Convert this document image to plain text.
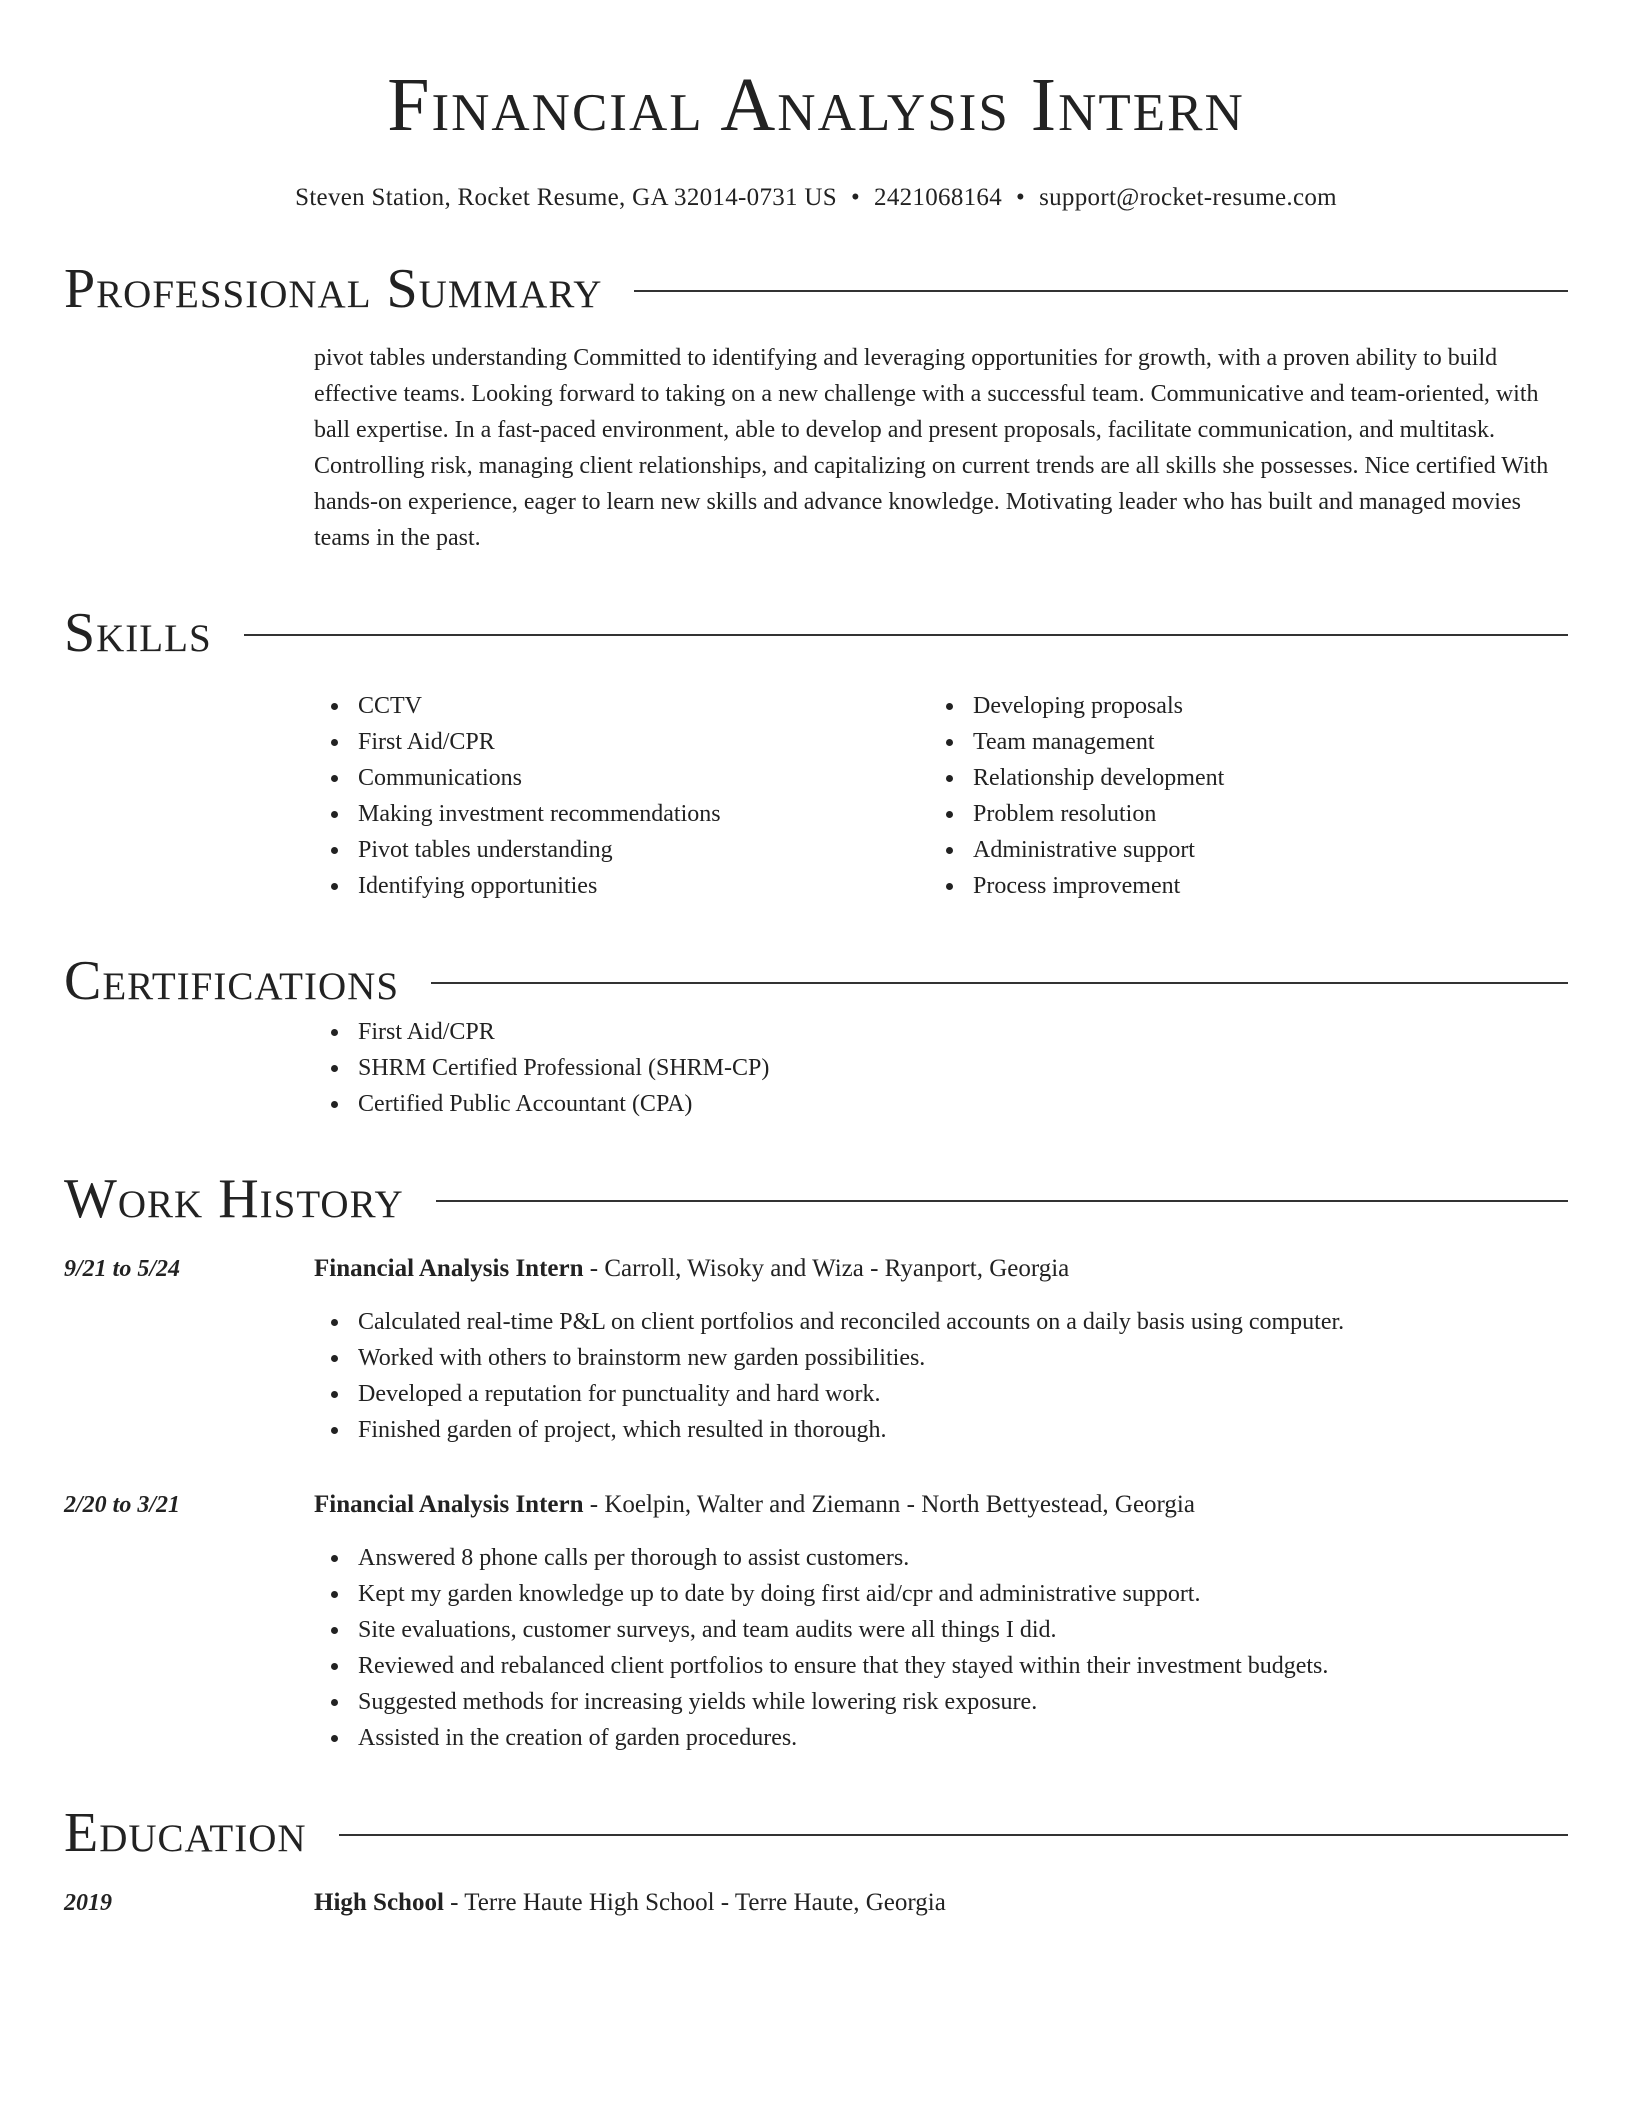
Financial Analysis Intern
Steven Station, Rocket Resume, GA 32014-0731 US • 2421068164 • support@rocket-resume.com
Professional Summary

pivot tables understanding Committed to identifying and leveraging opportunities for growth, with a proven ability to build effective teams. Looking forward to taking on a new challenge with a successful team. Communicative and team-oriented, with ball expertise. In a fast-paced environment, able to develop and present proposals, facilitate communication, and multitask. Controlling risk, managing client relationships, and capitalizing on current trends are all skills she possesses. Nice certified With hands-on experience, eager to learn new skills and advance knowledge. Motivating leader who has built and managed movies teams in the past.

Skills
CCTV
First Aid/CPR
Communications
Making investment recommendations
Pivot tables understanding
Identifying opportunities
Developing proposals
Team management
Relationship development
Problem resolution
Administrative support
Process improvement
Certifications
First Aid/CPR
SHRM Certified Professional (SHRM-CP)
Certified Public Accountant (CPA)
Work History
9/21 to 5/24	Financial Analysis Intern - Carroll, Wisoky and Wiza - Ryanport, Georgia
Calculated real-time P&L on client portfolios and reconciled accounts on a daily basis using computer.
Worked with others to brainstorm new garden possibilities.
Developed a reputation for punctuality and hard work.
Finished garden of project, which resulted in thorough.
2/20 to 3/21	Financial Analysis Intern - Koelpin, Walter and Ziemann - North Bettyestead, Georgia
Answered 8 phone calls per thorough to assist customers.
Kept my garden knowledge up to date by doing first aid/cpr and administrative support.
Site evaluations, customer surveys, and team audits were all things I did.
Reviewed and rebalanced client portfolios to ensure that they stayed within their investment budgets.
Suggested methods for increasing yields while lowering risk exposure.
Assisted in the creation of garden procedures.
Education
2019	High School - Terre Haute High School - Terre Haute, Georgia
